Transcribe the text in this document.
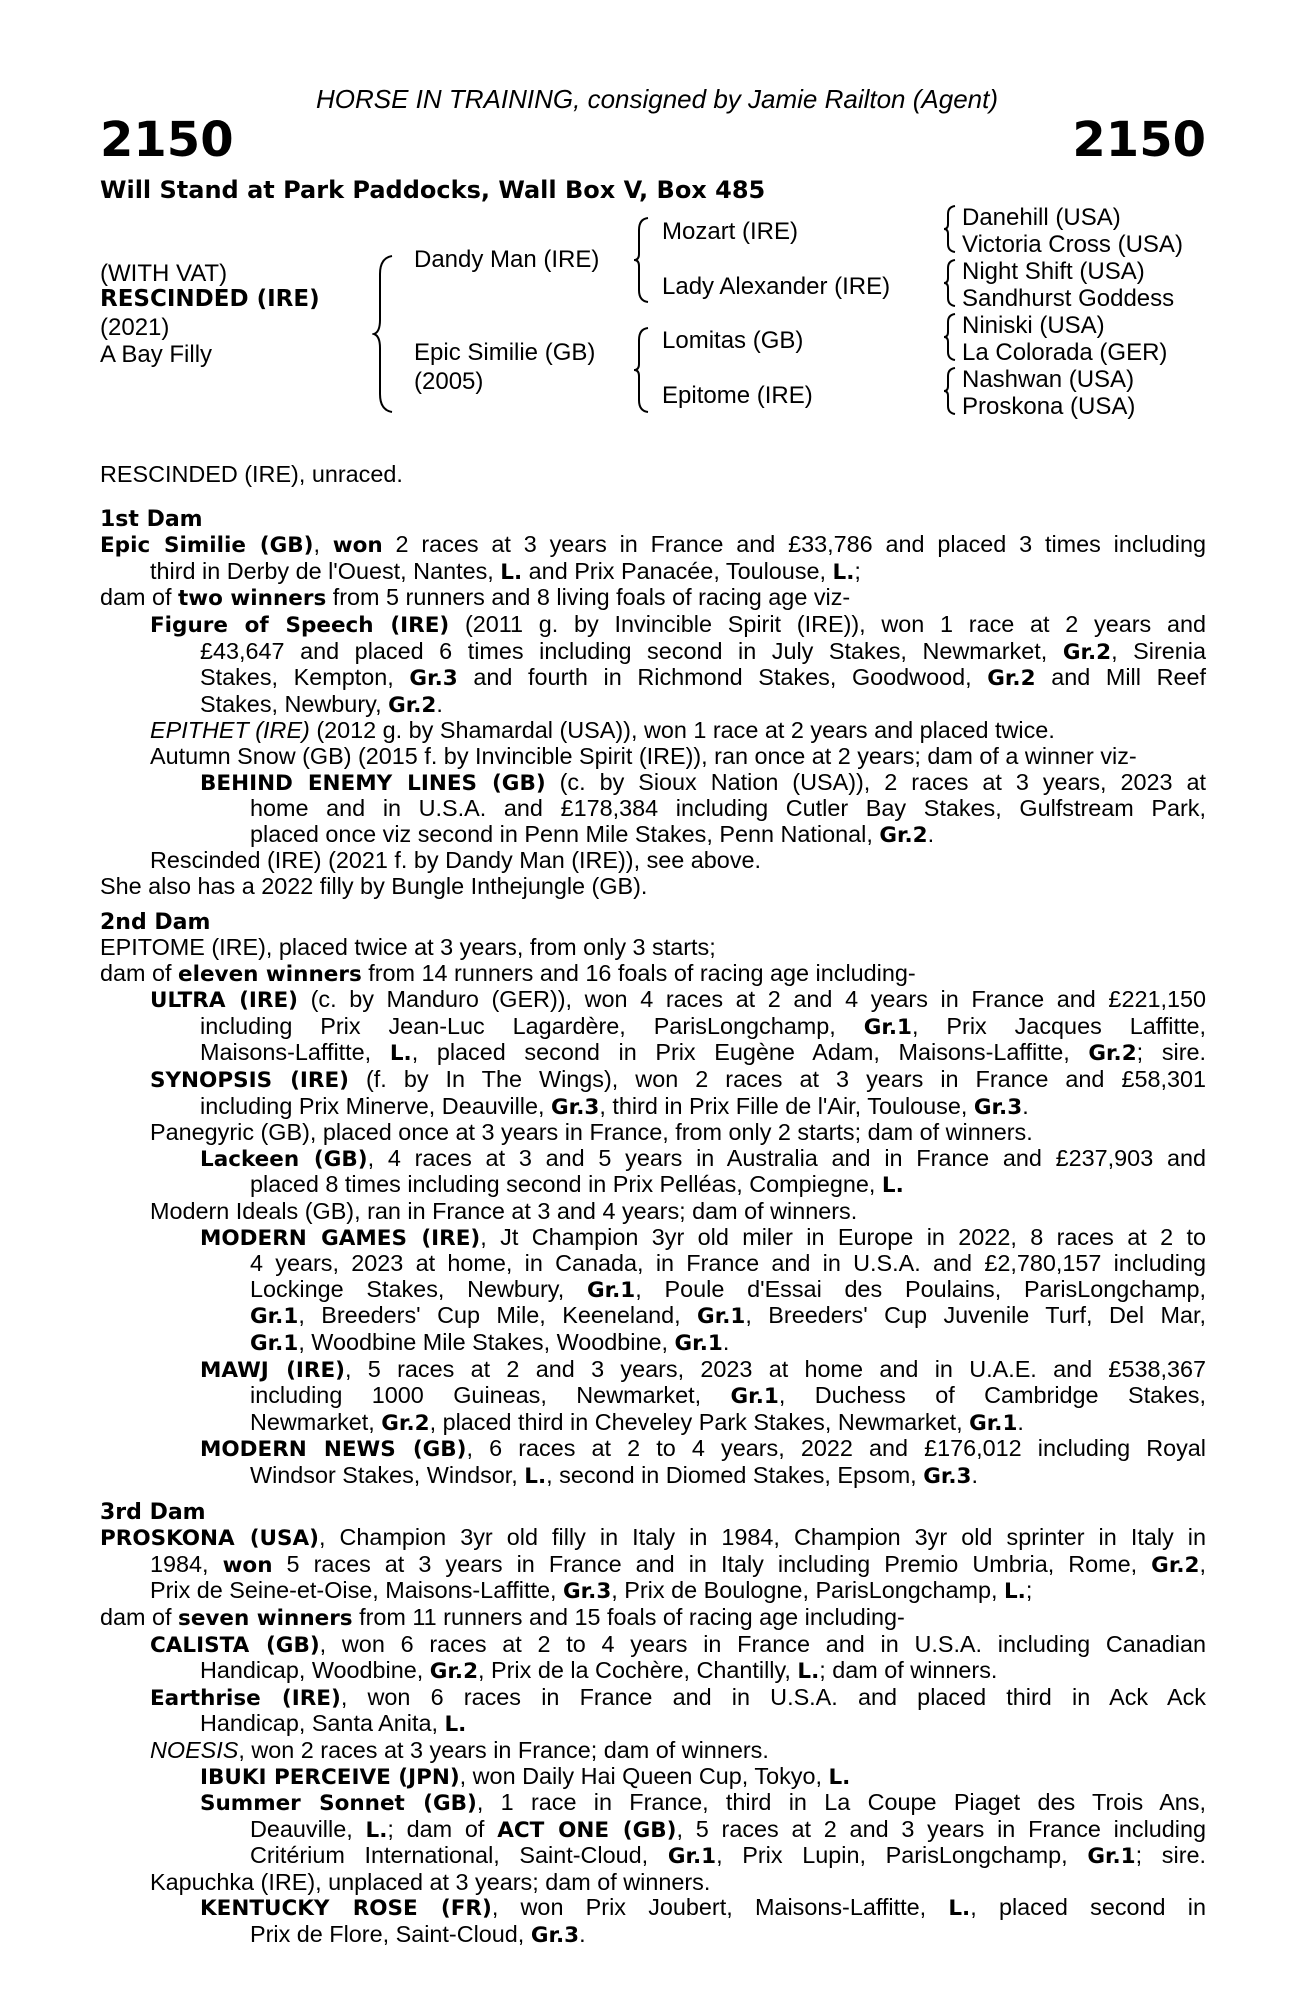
HORSE IN TRAINING, consigned by Jamie Railton (Agent)
2150	2150
Will Stand at Park Paddocks, Wall Box V, Box 485
(WITH VAT)
RESCINDED (IRE)
(2021)
A Bay Filly
Dandy Man (IRE)
Epic Similie (GB)
(2005)
Mozart (IRE)
Lady Alexander (IRE)
Lomitas (GB)
Epitome (IRE)
Danehill (USA)
Victoria Cross (USA)
Night Shift (USA)
Sandhurst Goddess
Niniski (USA)
La Colorada (GER)
Nashwan (USA)
Proskona (USA)
RESCINDED (IRE), unraced.
1st Dam
Epic Similie (GB), won 2 races at 3 years in France and £33,786 and placed 3 times including
third in Derby de l'Ouest, Nantes, L. and Prix Panacée, Toulouse, L.;
dam of two winners from 5 runners and 8 living foals of racing age viz-
Figure of Speech (IRE) (2011 g. by Invincible Spirit (IRE)), won 1 race at 2 years and
£43,647 and placed 6 times including second in July Stakes, Newmarket, Gr.2, Sirenia
Stakes, Kempton, Gr.3 and fourth in Richmond Stakes, Goodwood, Gr.2 and Mill Reef
Stakes, Newbury, Gr.2.
EPITHET (IRE) (2012 g. by Shamardal (USA)), won 1 race at 2 years and placed twice.
Autumn Snow (GB) (2015 f. by Invincible Spirit (IRE)), ran once at 2 years; dam of a winner viz-
BEHIND ENEMY LINES (GB) (c. by Sioux Nation (USA)), 2 races at 3 years, 2023 at
home and in U.S.A. and £178,384 including Cutler Bay Stakes, Gulfstream Park,
placed once viz second in Penn Mile Stakes, Penn National, Gr.2.
Rescinded (IRE) (2021 f. by Dandy Man (IRE)), see above.
She also has a 2022 filly by Bungle Inthejungle (GB).
2nd Dam
EPITOME (IRE), placed twice at 3 years, from only 3 starts;
dam of eleven winners from 14 runners and 16 foals of racing age including-
ULTRA (IRE) (c. by Manduro (GER)), won 4 races at 2 and 4 years in France and £221,150
including Prix Jean-Luc Lagardère, ParisLongchamp, Gr.1, Prix Jacques Laffitte,
Maisons-Laffitte, L., placed second in Prix Eugène Adam, Maisons-Laffitte, Gr.2; sire.
SYNOPSIS (IRE) (f. by In The Wings), won 2 races at 3 years in France and £58,301
including Prix Minerve, Deauville, Gr.3, third in Prix Fille de l'Air, Toulouse, Gr.3.
Panegyric (GB), placed once at 3 years in France, from only 2 starts; dam of winners.
Lackeen (GB), 4 races at 3 and 5 years in Australia and in France and £237,903 and
placed 8 times including second in Prix Pelléas, Compiegne, L.
Modern Ideals (GB), ran in France at 3 and 4 years; dam of winners.
MODERN GAMES (IRE), Jt Champion 3yr old miler in Europe in 2022, 8 races at 2 to
4 years, 2023 at home, in Canada, in France and in U.S.A. and £2,780,157 including
Lockinge Stakes, Newbury, Gr.1, Poule d'Essai des Poulains, ParisLongchamp,
Gr.1, Breeders' Cup Mile, Keeneland, Gr.1, Breeders' Cup Juvenile Turf, Del Mar,
Gr.1, Woodbine Mile Stakes, Woodbine, Gr.1.
MAWJ (IRE), 5 races at 2 and 3 years, 2023 at home and in U.A.E. and £538,367
including 1000 Guineas, Newmarket, Gr.1, Duchess of Cambridge Stakes,
Newmarket, Gr.2, placed third in Cheveley Park Stakes, Newmarket, Gr.1.
MODERN NEWS (GB), 6 races at 2 to 4 years, 2022 and £176,012 including Royal
Windsor Stakes, Windsor, L., second in Diomed Stakes, Epsom, Gr.3.
3rd Dam
PROSKONA (USA), Champion 3yr old filly in Italy in 1984, Champion 3yr old sprinter in Italy in
1984, won 5 races at 3 years in France and in Italy including Premio Umbria, Rome, Gr.2,
Prix de Seine-et-Oise, Maisons-Laffitte, Gr.3, Prix de Boulogne, ParisLongchamp, L.;
dam of seven winners from 11 runners and 15 foals of racing age including-
CALISTA (GB), won 6 races at 2 to 4 years in France and in U.S.A. including Canadian
Handicap, Woodbine, Gr.2, Prix de la Cochère, Chantilly, L.; dam of winners.
Earthrise (IRE), won 6 races in France and in U.S.A. and placed third in Ack Ack
Handicap, Santa Anita, L.
NOESIS, won 2 races at 3 years in France; dam of winners.
IBUKI PERCEIVE (JPN), won Daily Hai Queen Cup, Tokyo, L.
Summer Sonnet (GB), 1 race in France, third in La Coupe Piaget des Trois Ans,
Deauville, L.; dam of ACT ONE (GB), 5 races at 2 and 3 years in France including
Critérium International, Saint-Cloud, Gr.1, Prix Lupin, ParisLongchamp, Gr.1; sire.
Kapuchka (IRE), unplaced at 3 years; dam of winners.
KENTUCKY ROSE (FR), won Prix Joubert, Maisons-Laffitte, L., placed second in
Prix de Flore, Saint-Cloud, Gr.3.
